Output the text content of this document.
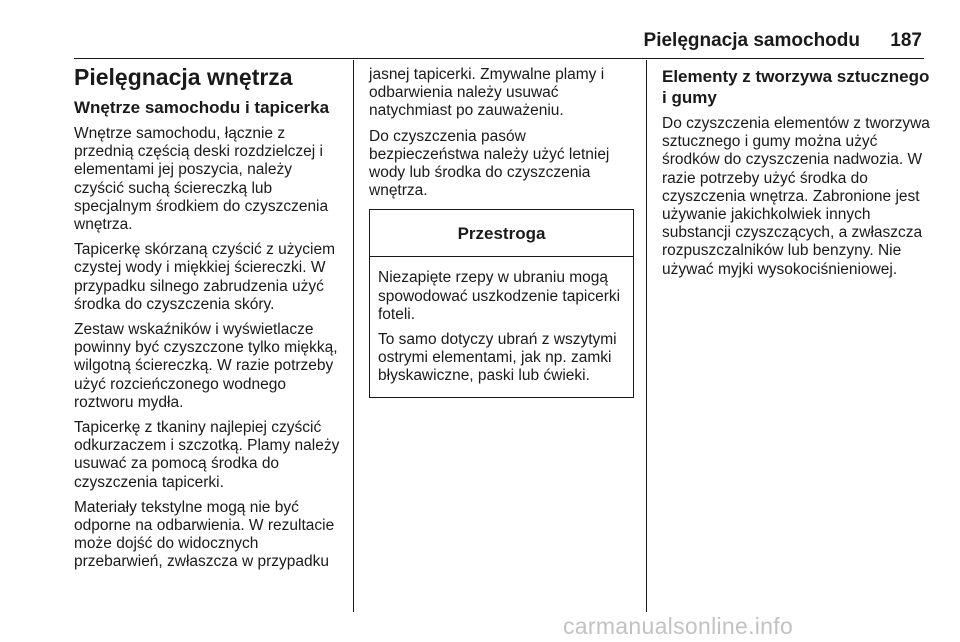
Pielęgnacja samochodu	187
Pielęgnacja wnętrza
Wnętrze samochodu i tapicerka

Wnętrze samochodu, łącznie z przednią częścią deski rozdzielczej i elementami jej poszycia, należy czyścić suchą ściereczką lub specjalnym środkiem do czyszczenia wnętrza.

Tapicerkę skórzaną czyścić z użyciem czystej wody i miękkiej ściereczki. W przypadku silnego zabrudzenia użyć środka do czyszczenia skóry.

Zestaw wskaźników i wyświetlacze powinny być czyszczone tylko miękką, wilgotną ściereczką. W razie potrzeby użyć rozcieńczonego wodnego roztworu mydła.

Tapicerkę z tkaniny najlepiej czyścić odkurzaczem i szczotką. Plamy należy usuwać za pomocą środka do czyszczenia tapicerki.

Materiały tekstylne mogą nie być odporne na odbarwienia. W rezultacie może dojść do widocznych przebarwień, zwłaszcza w przypadku

jasnej tapicerki. Zmywalne plamy i odbarwienia należy usuwać natychmiast po zauważeniu.

Do czyszczenia pasów bezpieczeństwa należy użyć letniej wody lub środka do czyszczenia wnętrza.

Przestroga

Niezapięte rzepy w ubraniu mogą spowodować uszkodzenie tapicerki foteli.

To samo dotyczy ubrań z wszytymi ostrymi elementami, jak np. zamki błyskawiczne, paski lub ćwieki.

Elementy z tworzywa sztucznego i gumy

Do czyszczenia elementów z tworzywa sztucznego i gumy można użyć środków do czyszczenia nadwozia. W razie potrzeby użyć środka do czyszczenia wnętrza. Zabronione jest używanie jakichkolwiek innych substancji czyszczących, a zwłaszcza rozpuszczalników lub benzyny. Nie używać myjki wysokociśnieniowej.

carmanualsonline.info
